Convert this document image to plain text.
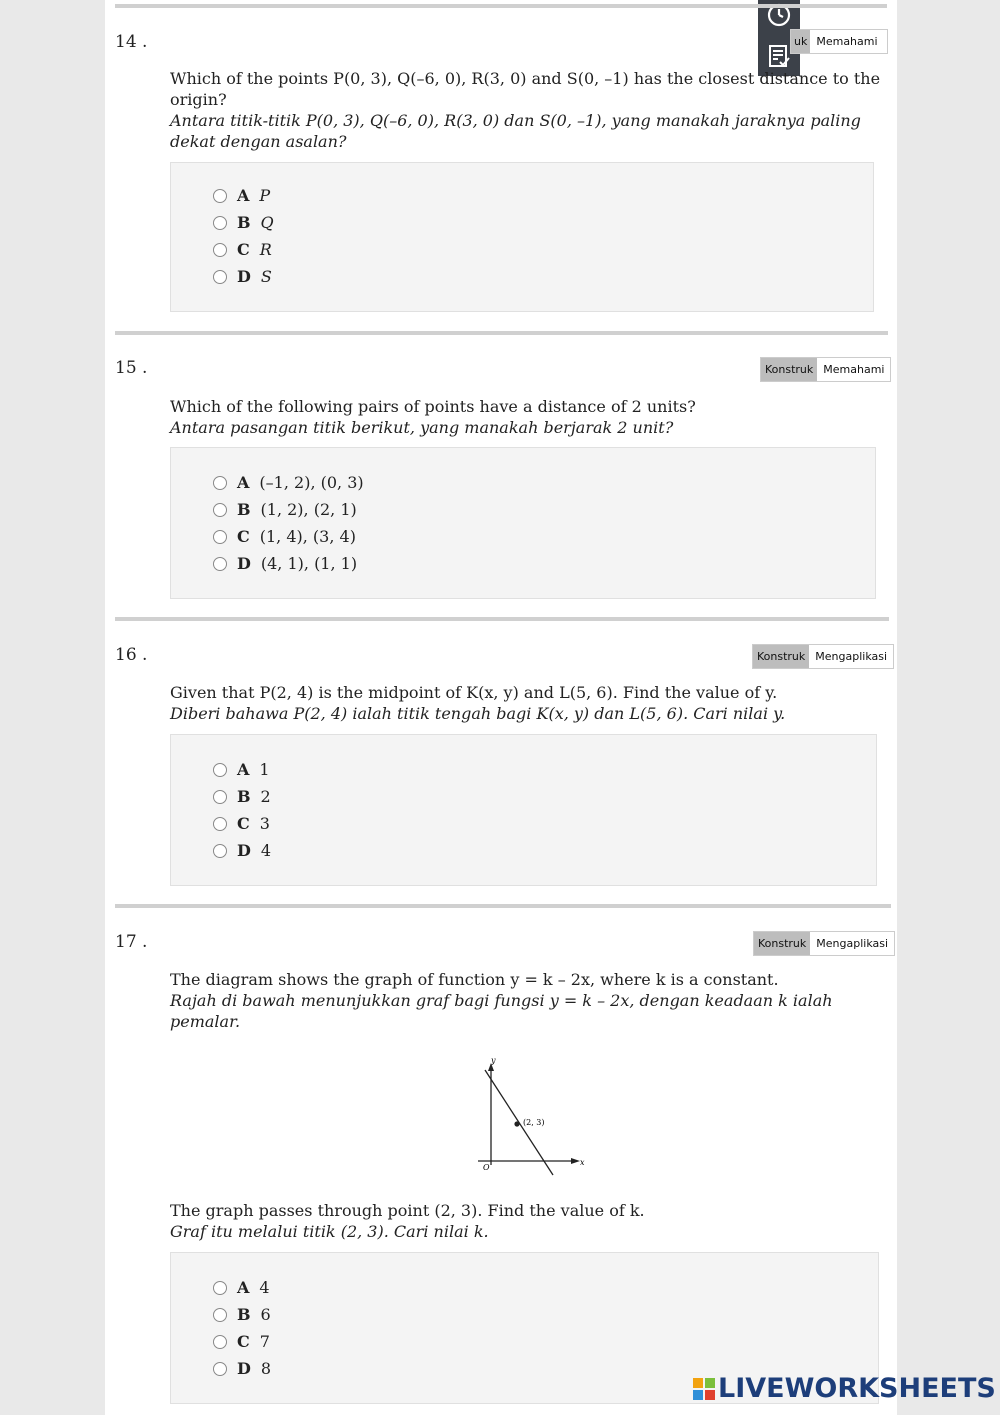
14 .	uk Memahami
Which of the points P(0, 3), Q(–6, 0), R(3, 0) and S(0, –1) has the closest distance to the origin?
Antara titik-titik P(0, 3), Q(–6, 0), R(3, 0) dan S(0, –1), yang manakah jaraknya paling dekat dengan asalan?
A P
B Q
C R
D S
15 .	Konstruk Memahami
Which of the following pairs of points have a distance of 2 units?
Antara pasangan titik berikut, yang manakah berjarak 2 unit?
A (–1, 2), (0, 3)
B (1, 2), (2, 1)
C (1, 4), (3, 4)
D (4, 1), (1, 1)
16 .	Konstruk Mengaplikasi
Given that P(2, 4) is the midpoint of K(x, y) and L(5, 6). Find the value of y.
Diberi bahawa P(2, 4) ialah titik tengah bagi K(x, y) dan L(5, 6). Cari nilai y.
A 1
B 2
C 3
D 4
17 .	Konstruk Mengaplikasi
The diagram shows the graph of function y = k – 2x, where k is a constant.
Rajah di bawah menunjukkan graf bagi fungsi y = k – 2x, dengan keadaan k ialah pemalar.
y
x
O
(2, 3)
The graph passes through point (2, 3). Find the value of k.
Graf itu melalui titik (2, 3). Cari nilai k.
A 4
B 6
C 7
D 8
LIVEWORKSHEETS
